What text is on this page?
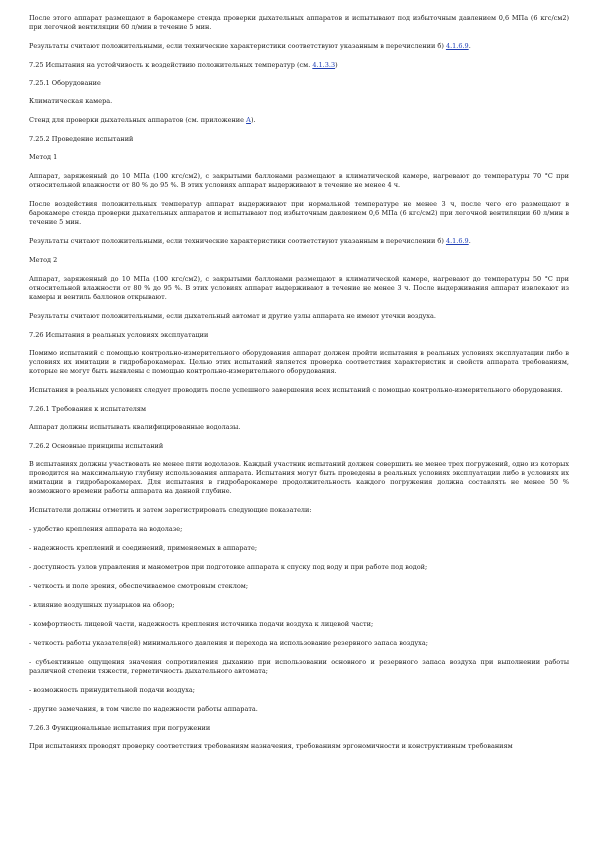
После этого аппарат размещают в барокамере стенда проверки дыхательных аппаратов и испытывают под избыточным давлением 0,6 МПа (6 кгс/см2) при легочной вентиляции 60 л/мин в течение 5 мин.

Результаты считают положительными, если технические характеристики соответствуют указанным в перечислении б) 4.1.6.9.

7.25 Испытания на устойчивость к воздействию положительных температур (см. 4.1.3.3)

7.25.1 Оборудование

Климатическая камера.

Стенд для проверки дыхательных аппаратов (см. приложение А).

7.25.2 Проведение испытаний

Метод 1

Аппарат, заряженный до 10 МПа (100 кгс/см2), с закрытыми баллонами размещают в климатической камере, нагревают до температуры 70 °С при относительной влажности от 80 % до 95 %. В этих условиях аппарат выдерживают в течение не менее 4 ч.

После воздействия положительных температур аппарат выдерживают при нормальной температуре не менее 3 ч, после чего его размещают в барокамере стенда проверки дыхательных аппаратов и испытывают под избыточным давлением 0,6 МПа (6 кгс/см2) при легочной вентиляции 60 л/мин в течение 5 мин.

Результаты считают положительными, если технические характеристики соответствуют указанным в перечислении б) 4.1.6.9.

Метод 2

Аппарат, заряженный до 10 МПа (100 кгс/см2), с закрытыми баллонами размещают в климатической камере, нагревают до температуры 50 °С при относительной влажности от 80 % до 95 %. В этих условиях аппарат выдерживают в течение не менее 3 ч. После выдерживания аппарат извлекают из камеры и вентиль баллонов открывают.

Результаты считают положительными, если дыхательный автомат и другие узлы аппарата не имеют утечки воздуха.

7.26 Испытания в реальных условиях эксплуатации

Помимо испытаний с помощью контрольно-измерительного оборудования аппарат должен пройти испытания в реальных условиях эксплуатации либо в условиях их имитации в гидробарокамерах. Целью этих испытаний является проверка соответствия характеристик и свойств аппарата требованиям, которые не могут быть выявлены с помощью контрольно-измерительного оборудования.

Испытания в реальных условиях следует проводить после успешного завершения всех испытаний с помощью контрольно-измерительного оборудования.

7.26.1 Требования к испытателям

Аппарат должны испытывать квалифицированные водолазы.

7.26.2 Основные принципы испытаний

В испытаниях должны участвовать не менее пяти водолазов. Каждый участник испытаний должен совершить не менее трех погружений, одно из которых проводится на максимальную глубину использования аппарата. Испытания могут быть проведены в реальных условиях эксплуатации либо в условиях их имитации в гидробарокамерах. Для испытания в гидробарокамере продолжительность каждого погружения должна составлять не менее 50 % возможного времени работы аппарата на данной глубине.

Испытатели должны отметить и затем зарегистрировать следующие показатели:

- удобство крепления аппарата на водолазе;

- надежность креплений и соединений, применяемых в аппарате;

- доступность узлов управления и манометров при подготовке аппарата к спуску под воду и при работе под водой;

- четкость и поле зрения, обеспечиваемое смотровым стеклом;

- влияние воздушных пузырьков на обзор;

- комфортность лицевой части, надежность крепления источника подачи воздуха к лицевой части;

- четкость работы указателя(ей) минимального давления и перехода на использование резервного запаса воздуха;

- субъективные ощущения значения сопротивления дыханию при использовании основного и резервного запаса воздуха при выполнении работы различной степени тяжести, герметичность дыхательного автомата;

- возможность принудительной подачи воздуха;

- другие замечания, в том числе по надежности работы аппарата.

7.26.3 Функциональные испытания при погружении

При испытаниях проводят проверку соответствия требованиям назначения, требованиям эргономичности и конструктивным требованиям
